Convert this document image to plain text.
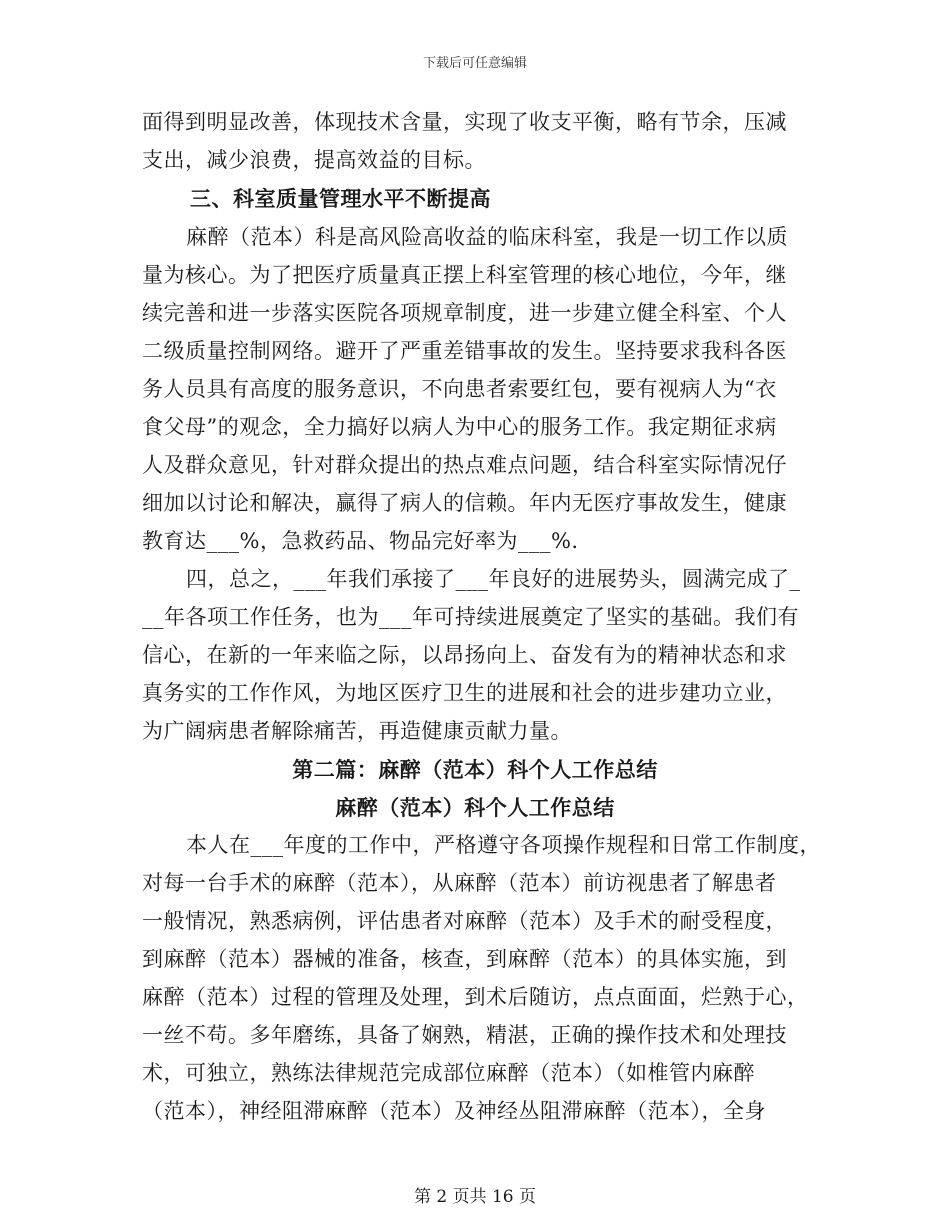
下载后可任意编辑
面得到明显改善，体现技术含量，实现了收支平衡，略有节余，压减
支出，减少浪费，提高效益的目标。
三、科室质量管理水平不断提高
麻醉（范本）科是高风险高收益的临床科室，我是一切工作以质
量为核心。为了把医疗质量真正摆上科室管理的核心地位，今年，继
续完善和进一步落实医院各项规章制度，进一步建立健全科室、个人
二级质量控制网络。避开了严重差错事故的发生。坚持要求我科各医
务人员具有高度的服务意识，不向患者索要红包，要有视病人为“衣
食父母”的观念，全力搞好以病人为中心的服务工作。我定期征求病
人及群众意见，针对群众提出的热点难点问题，结合科室实际情况仔
细加以讨论和解决，赢得了病人的信赖。年内无医疗事故发生，健康
教育达___%，急救药品、物品完好率为___%.
四，总之，___年我们承接了___年良好的进展势头，圆满完成了_
__年各项工作任务，也为___年可持续进展奠定了坚实的基础。我们有
信心，在新的一年来临之际，以昂扬向上、奋发有为的精神状态和求
真务实的工作作风，为地区医疗卫生的进展和社会的进步建功立业，
为广阔病患者解除痛苦，再造健康贡献力量。
第二篇：麻醉（范本）科个人工作总结
麻醉（范本）科个人工作总结
本人在___年度的工作中，严格遵守各项操作规程和日常工作制度，
对每一台手术的麻醉（范本），从麻醉（范本）前访视患者了解患者
一般情况，熟悉病例，评估患者对麻醉（范本）及手术的耐受程度，
到麻醉（范本）器械的准备，核查，到麻醉（范本）的具体实施，到
麻醉（范本）过程的管理及处理，到术后随访，点点面面，烂熟于心，
一丝不苟。多年磨练，具备了娴熟，精湛，正确的操作技术和处理技
术，可独立，熟练法律规范完成部位麻醉（范本）（如椎管内麻醉
（范本），神经阻滞麻醉（范本）及神经丛阻滞麻醉（范本），全身
第 2 页共 16 页
